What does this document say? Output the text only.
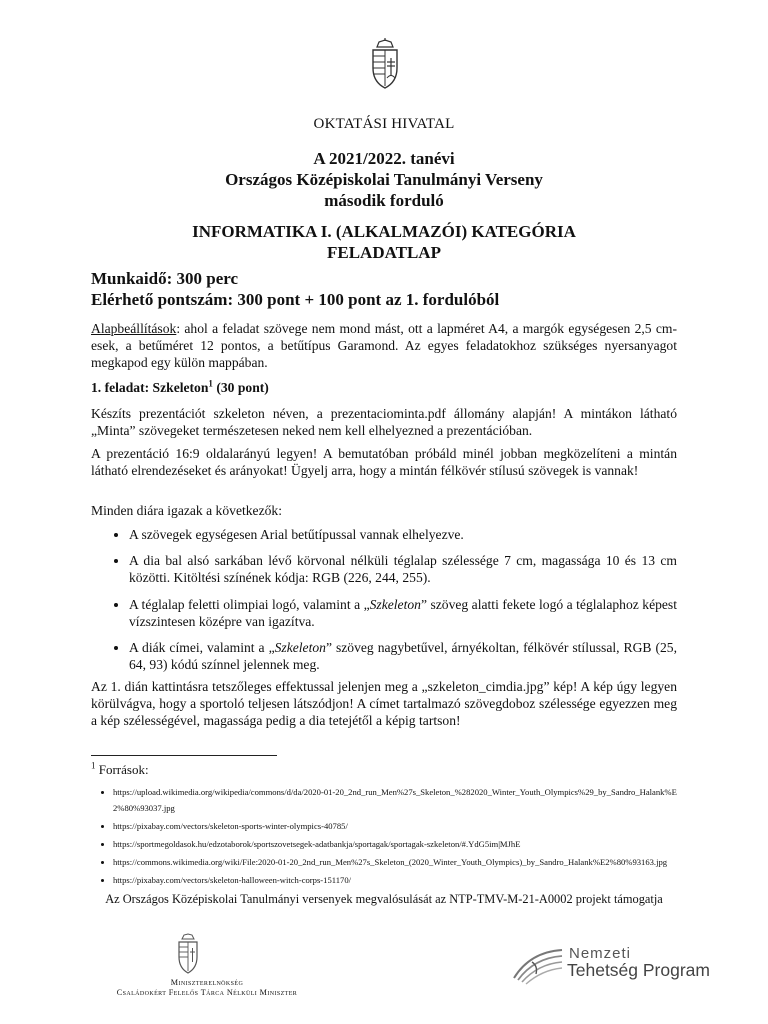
OKTATÁSI HIVATAL
A 2021/2022. tanévi
Országos Középiskolai Tanulmányi Verseny
második forduló
INFORMATIKA I. (ALKALMAZÓI) KATEGÓRIA
FELADATLAP
Munkaidő: 300 perc
Elérhető pontszám: 300 pont + 100 pont az 1. fordulóból
Alapbeállítások: ahol a feladat szövege nem mond mást, ott a lapméret A4, a margók egységesen 2,5 cm-esek, a betűméret 12 pontos, a betűtípus Garamond. Az egyes feladatokhoz szükséges nyersanyagot megkapod egy külön mappában.
1. feladat: Szkeleton$^1$ (30 pont)
Készíts prezentációt szkeleton néven, a prezentaciominta.pdf állomány alapján! A mintákon látható „Minta” szövegeket természetesen neked nem kell elhelyezned a prezentációban.
A prezentáció 16:9 oldalarányú legyen! A bemutatóban próbáld minél jobban megközelíteni a mintán látható elrendezéseket és arányokat! Ügyelj arra, hogy a mintán félkövér stílusú szövegek is vannak!
Minden diára igazak a következők:
• A szövegek egységesen Arial betűtípussal vannak elhelyezve.
• A dia bal alsó sarkában lévő körvonal nélküli téglalap szélessége 7 cm, magassága 10 és 13 cm közötti. Kitöltési színének kódja: RGB (226, 244, 255).
• A téglalap feletti olimpiai logó, valamint a „Szkeleton” szöveg alatti fekete logó a téglalaphoz képest vízszintesen középre van igazítva.
• A diák címei, valamint a „Szkeleton” szöveg nagybetűvel, árnyékoltan, félkövér stílussal, RGB (25, 64, 93) kódú színnel jelennek meg.
Az 1. dián kattintásra tetszőleges effektussal jelenjen meg a „szkeleton_cimdia.jpg” kép! A kép úgy legyen körülvágva, hogy a sportoló teljesen látszódjon! A címet tartalmazó szövegdoboz szélessége egyezzen meg a kép szélességével, magassága pedig a dia tetejétől a képig tartson!
$^1$ Források:
• https://upload.wikimedia.org/wikipedia/commons/d/da/2020-01-20_2nd_run_Men%27s_Skeleton_%282020_Winter_Youth_Olympics%29_by_Sandro_Halank%E2%80%93037.jpg
• https://pixabay.com/vectors/skeleton-sports-winter-olympics-40785/
• https://sportmegoldasok.hu/edzotaborok/sportszovetsegek-adatbankja/sportagak/sportagak-szkeleton/#.YdG5im|MJhE
• https://commons.wikimedia.org/wiki/File:2020-01-20_2nd_run_Men%27s_Skeleton_(2020_Winter_Youth_Olympics)_by_Sandro_Halank%E2%80%93163.jpg
• https://pixabay.com/vectors/skeleton-halloween-witch-corps-151170/
Az Országos Középiskolai Tanulmányi versenyek megvalósulását az NTP-TMV-M-21-A0002 projekt támogatja
Miniszterelnökség
Családokért Felelős Tárca Nélküli Miniszter
Nemzeti
Tehetség Program
